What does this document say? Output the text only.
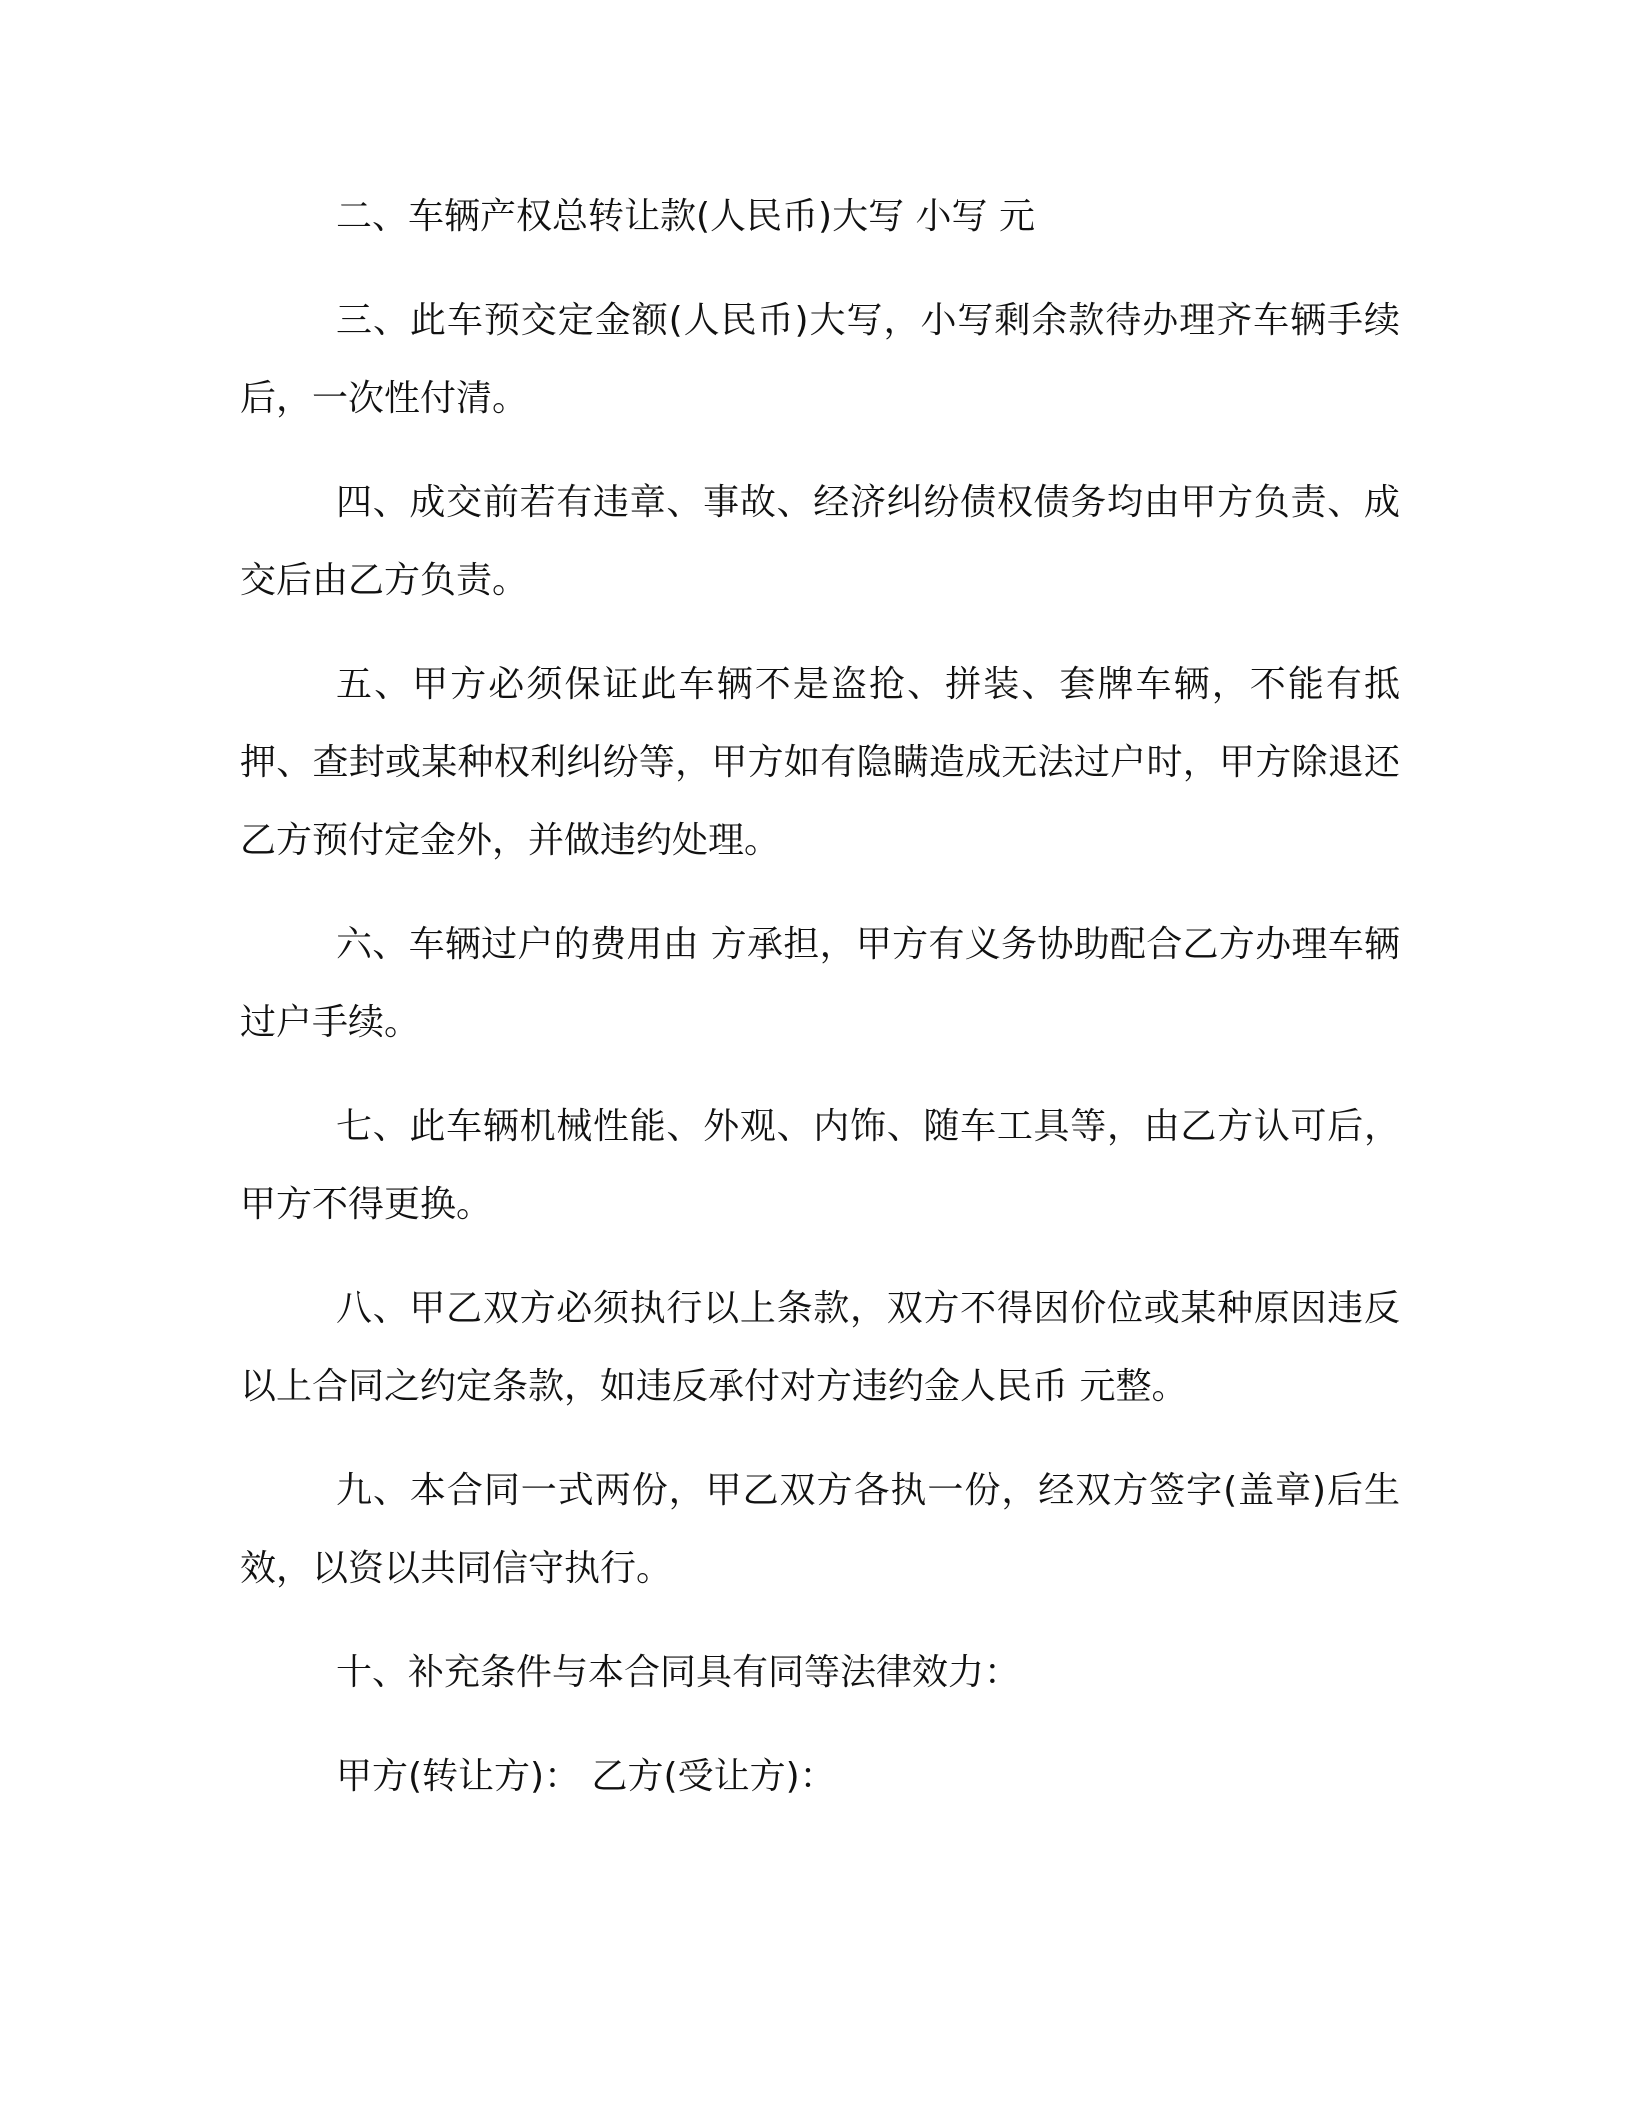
二、车辆产权总转让款(人民币)大写 小写 元

三、此车预交定金额(人民币)大写，小写剩余款待办理齐车辆手续后，一次性付清。

四、成交前若有违章、事故、经济纠纷债权债务均由甲方负责、成交后由乙方负责。

五、甲方必须保证此车辆不是盗抢、拼装、套牌车辆，不能有抵押、查封或某种权利纠纷等，甲方如有隐瞒造成无法过户时，甲方除退还乙方预付定金外，并做违约处理。

六、车辆过户的费用由 方承担，甲方有义务协助配合乙方办理车辆过户手续。

七、此车辆机械性能、外观、内饰、随车工具等，由乙方认可后，甲方不得更换。

八、甲乙双方必须执行以上条款，双方不得因价位或某种原因违反以上合同之约定条款，如违反承付对方违约金人民币 元整。

九、本合同一式两份，甲乙双方各执一份，经双方签字(盖章)后生效，以资以共同信守执行。

十、补充条件与本合同具有同等法律效力：

甲方(转让方)： 乙方(受让方)：
